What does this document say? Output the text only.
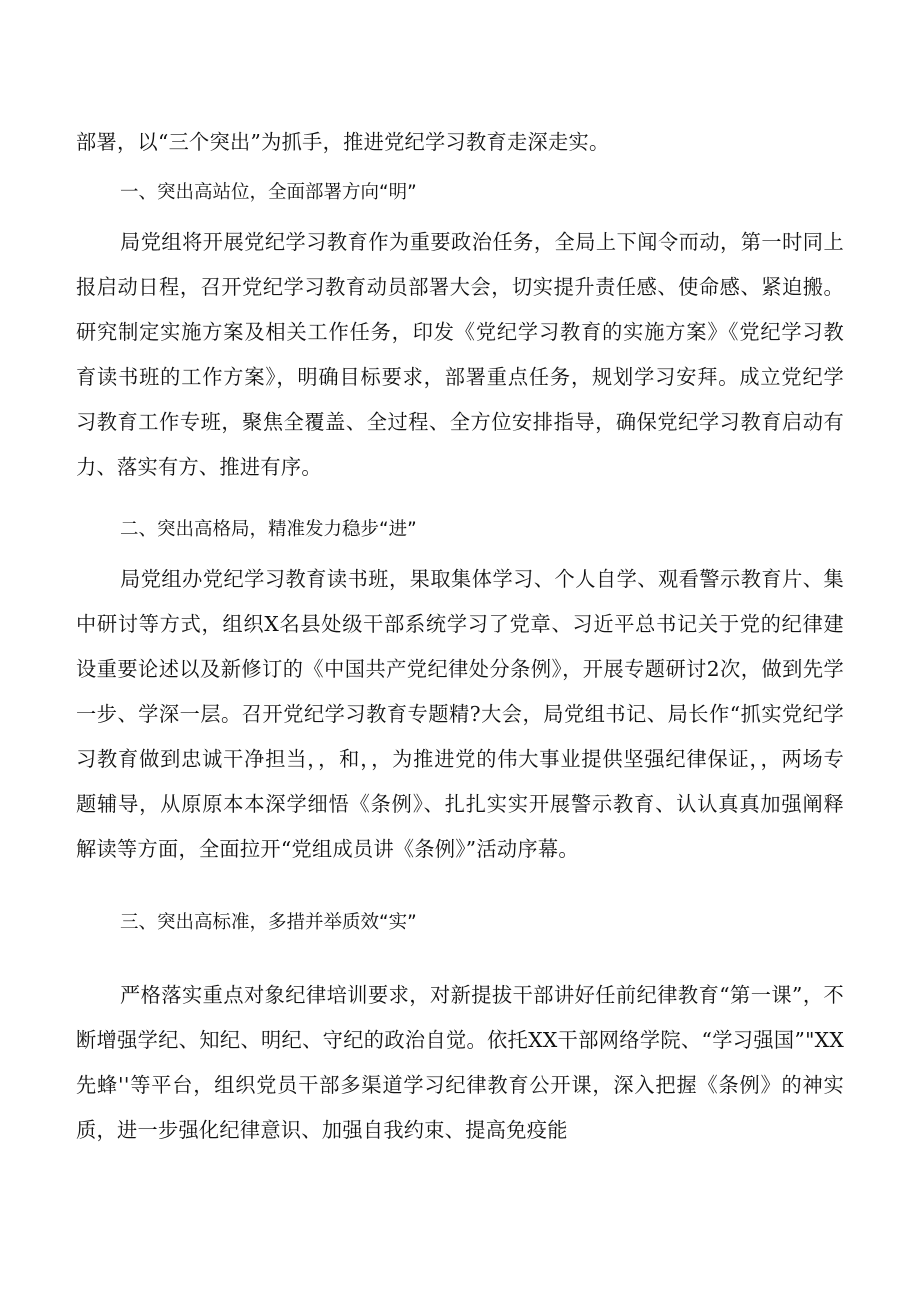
部署，以“三个突出”为抓手，推进党纪学习教育走深走实。

一、突出高站位，全面部署方向“明”

局党组将开展党纪学习教育作为重要政治任务，全局上下闻令而动，第一时同上报启动日程，召开党纪学习教育动员部署大会，切实提升责任感、使命感、紧迫搬。研究制定实施方案及相关工作任务，印发《党纪学习教育的实施方案》《党纪学习教育读书班的工作方案》，明确目标要求，部署重点任务，规划学习安拜。成立党纪学习教育工作专班，聚焦全覆盖、全过程、全方位安排指导，确保党纪学习教育启动有力、落实有方、推进有序。

二、突出高格局，精准发力稳步“进”

局党组办党纪学习教育读书班，果取集体学习、个人自学、观看警示教育片、集中研讨等方式，组织X名县处级干部系统学习了党章、习近平总书记关于党的纪律建设重要论述以及新修订的《中国共产党纪律处分条例》，开展专题研讨2次，做到先学一步、学深一层。召开党纪学习教育专题精?大会，局党组书记、局长作“抓实党纪学习教育做到忠诚干净担当，，和，，为推进党的伟大事业提供坚强纪律保证，，两场专题辅导，从原原本本深学细悟《条例》、扎扎实实开展警示教育、认认真真加强阐释解读等方面，全面拉开“党组成员讲《条例》”活动序幕。

三、突出高标准，多措并举质效“实”

严格落实重点对象纪律培训要求，对新提拔干部讲好任前纪律教育“第一课”，不断增强学纪、知纪、明纪、守纪的政治自觉。依托XX干部网络学院、“学习强国”"XX先蜂''等平台，组织党员干部多渠道学习纪律教育公开课，深入把握《条例》的神实质，进一步强化纪律意识、加强自我约束、提高免疫能
